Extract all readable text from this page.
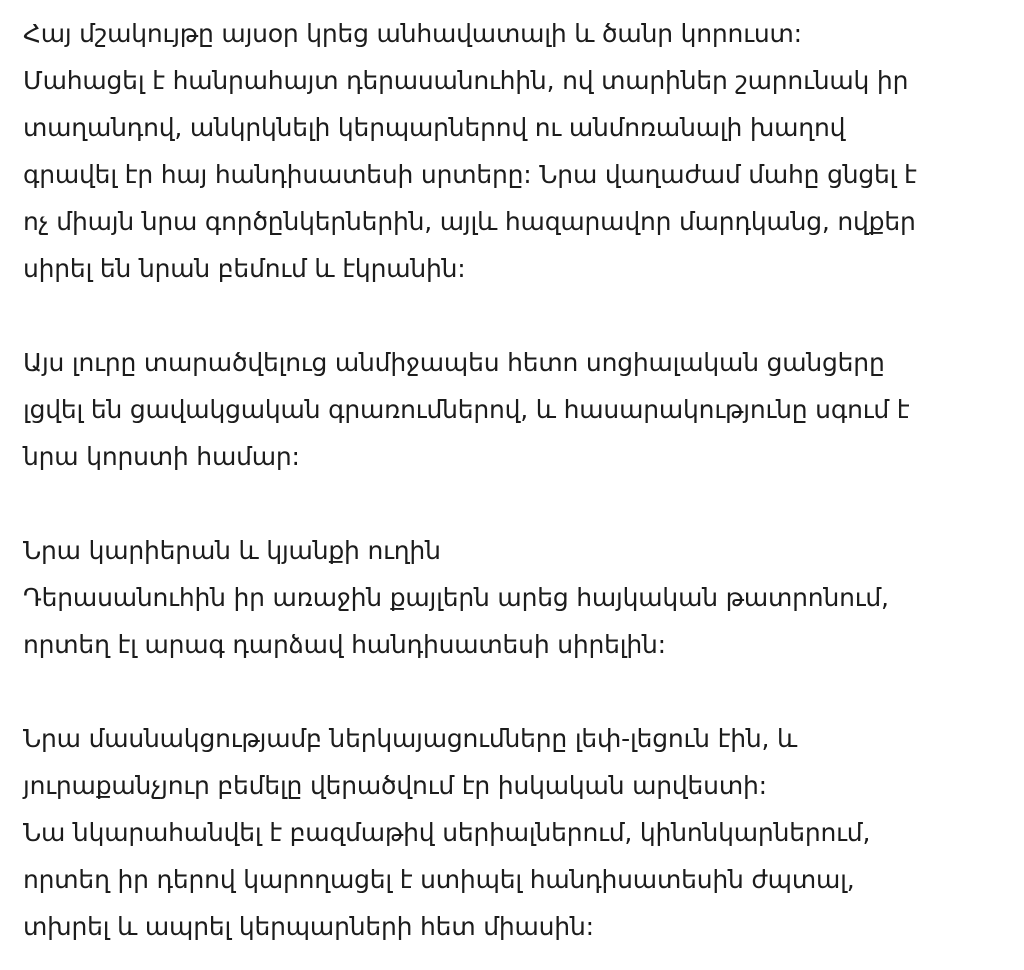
Հայ մշակույթը այսօր կրեց անհավատալի և ծանր կորուստ:
Մահացել է հանրահայտ դերասանուհին, ով տարիներ շարունակ իր
տաղանդով, անկրկնելի կերպարներով ու անմոռանալի խաղով
գրավել էր հայ հանդիսատեսի սրտերը: Նրա վաղաժամ մահը ցնցել է
ոչ միայն նրա գործընկերներին, այլև հազարավոր մարդկանց, ովքեր
սիրել են նրան բեմում և էկրանին:
Այս լուրը տարածվելուց անմիջապես հետո սոցիալական ցանցերը
լցվել են ցավակցական գրառումներով, և հասարակությունը սգում է
նրա կորստի համար:
Նրա կարիերան և կյանքի ուղին
Դերասանուհին իր առաջին քայլերն արեց հայկական թատրոնում,
որտեղ էլ արագ դարձավ հանդիսատեսի սիրելին:
Նրա մասնակցությամբ ներկայացումները լեփ-լեցուն էին, և
յուրաքանչյուր բեմելը վերածվում էր իսկական արվեստի:
Նա նկարահանվել է բազմաթիվ սերիալներում, կինոնկարներում,
որտեղ իր դերով կարողացել է ստիպել հանդիսատեսին ժպտալ,
տխրել և ապրել կերպարների հետ միասին:
